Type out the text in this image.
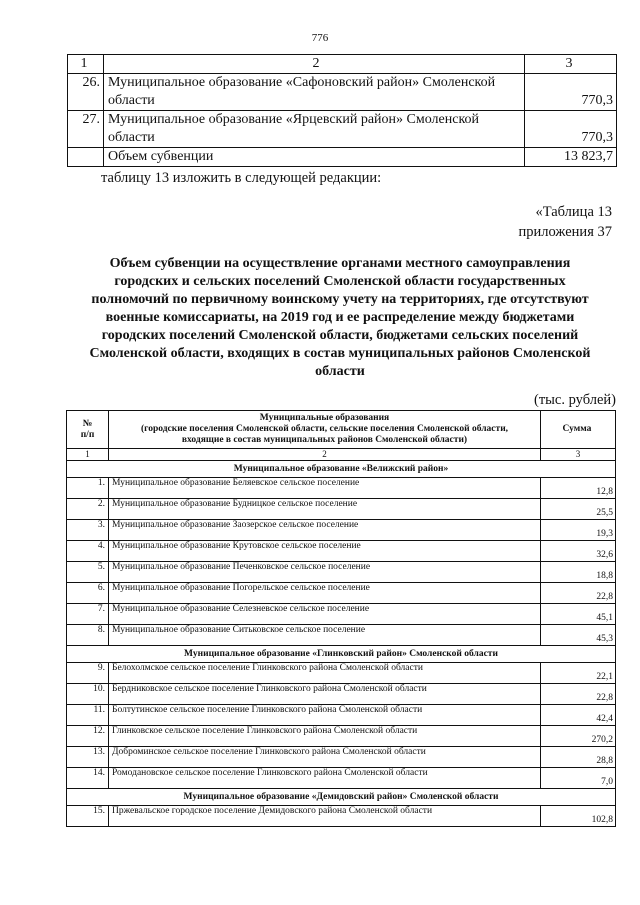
776
1	2	3
26.	Муниципальное образование «Сафоновский район» Смоленской
области	770,3
27.	Муниципальное образование «Ярцевский район» Смоленской
области	770,3
	Объем субвенции	13 823,7
таблицу 13 изложить в следующей редакции:
«Таблица 13
приложения 37
Объем субвенции на осуществление органами местного самоуправления
городских и сельских поселений Смоленской области государственных
полномочий по первичному воинскому учету на территориях, где отсутствуют
военные комиссариаты, на 2019 год и ее распределение между бюджетами
городских поселений Смоленской области, бюджетами сельских поселений
Смоленской области, входящих в состав муниципальных районов Смоленской
области
(тыс. рублей)
№
п/п	Муниципальные образования
(городские поселения Смоленской области, сельские поселения Смоленской области,
входящие в состав муниципальных районов Смоленской области)	Сумма
1	2	3
Муниципальное образование «Велижский район»		
1.	Муниципальное образование Беляевское сельское поселение	12,8
2.	Муниципальное образование Будницкое сельское поселение	25,5
3.	Муниципальное образование Заозерское сельское поселение	19,3
4.	Муниципальное образование Крутовское сельское поселение	32,6
5.	Муниципальное образование Печенковское сельское поселение	18,8
6.	Муниципальное образование Погорельское сельское поселение	22,8
7.	Муниципальное образование Селезневское сельское поселение	45,1
8.	Муниципальное образование Ситьковское сельское поселение	45,3
Муниципальное образование «Глинковский район» Смоленской области		
9.	Белохолмское сельское поселение Глинковского района Смоленской области	22,1
10.	Бердниковское сельское поселение Глинковского района Смоленской области	22,8
11.	Болтутинское сельское поселение Глинковского района Смоленской области	42,4
12.	Глинковское сельское поселение Глинковского района Смоленской области	270,2
13.	Доброминское сельское поселение Глинковского района Смоленской области	28,8
14.	Ромодановское сельское поселение Глинковского района Смоленской области	7,0
Муниципальное образование «Демидовский район» Смоленской области		
15.	Пржевальское городское поселение Демидовского района Смоленской области	102,8
